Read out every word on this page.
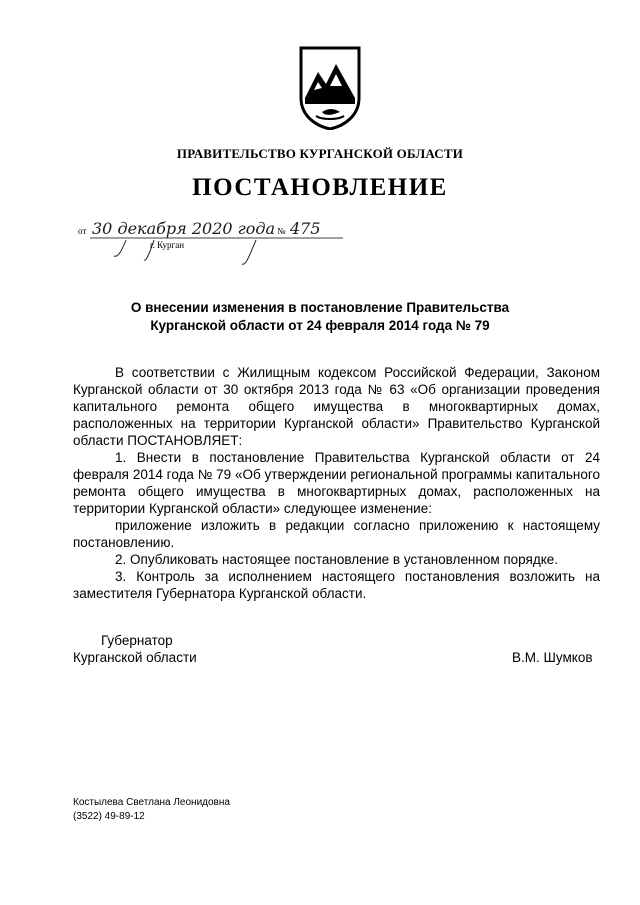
ПРАВИТЕЛЬСТВО КУРГАНСКОЙ ОБЛАСТИ
ПОСТАНОВЛЕНИЕ
от 30 декабря 2020 года № 475
г. Курган
О внесении изменения в постановление Правительства
Курганской области от 24 февраля 2014 года № 79

В соответствии с Жилищным кодексом Российской Федерации, Законом Курганской области от 30 октября 2013 года № 63 «Об организации проведения капитального ремонта общего имущества в многоквартирных домах, расположенных на территории Курганской области» Правительство Курганской области ПОСТАНОВЛЯЕТ:

1. Внести в постановление Правительства Курганской области от 24 февраля 2014 года № 79 «Об утверждении региональной программы капитального ремонта общего имущества в многоквартирных домах, расположенных на территории Курганской области» следующее изменение:

приложение изложить в редакции согласно приложению к настоящему постановлению.

2. Опубликовать настоящее постановление в установленном порядке.

3. Контроль за исполнением настоящего постановления возложить на заместителя Губернатора Курганской области.

Губернатор
Курганской области	В.М. Шумков
Костылева Светлана Леонидовна
(3522) 49-89-12
